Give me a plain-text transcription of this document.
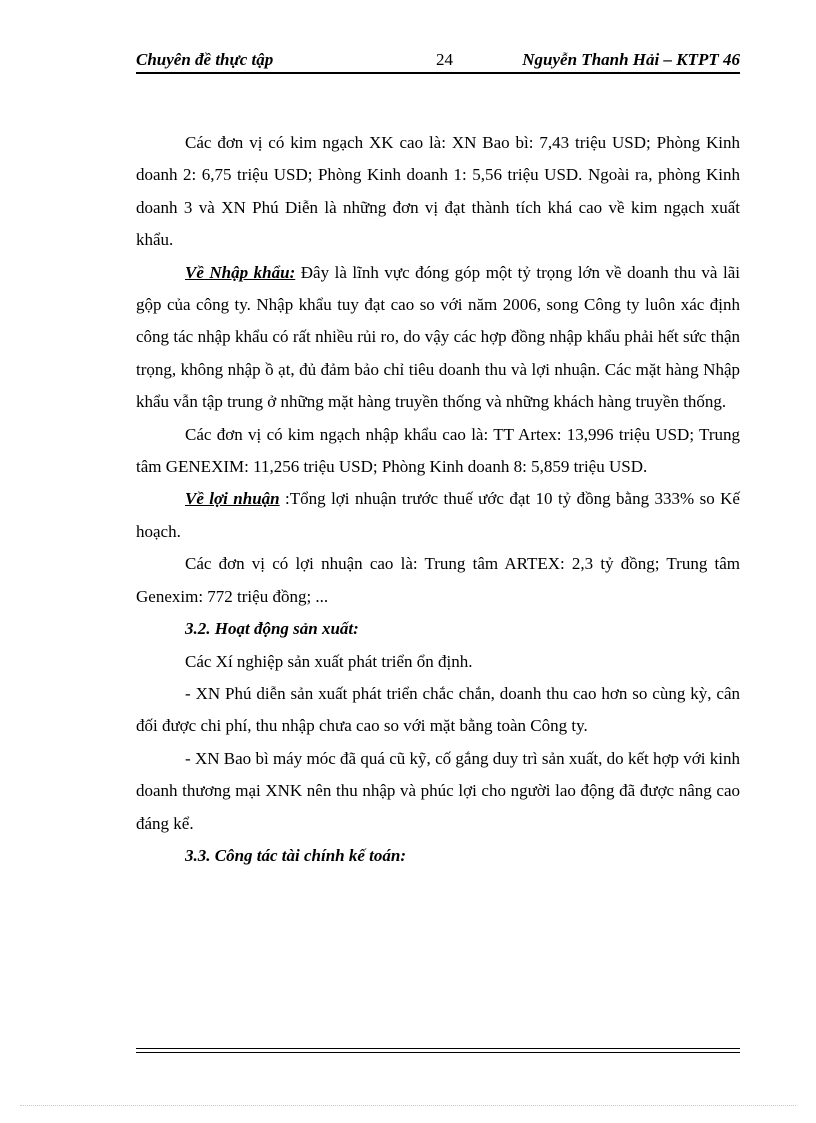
Chuyên đề thực tập	24	Nguyễn Thanh Hải – KTPT 46

Các đơn vị có kim ngạch XK cao là: XN Bao bì: 7,43 triệu USD; Phòng Kinh doanh 2: 6,75 triệu USD; Phòng Kinh doanh 1: 5,56 triệu USD. Ngoài ra, phòng Kinh doanh 3 và XN Phú Diễn là những đơn vị đạt thành tích khá cao về kim ngạch xuất khẩu.

Về Nhập khẩu: Đây là lĩnh vực đóng góp một tỷ trọng lớn về doanh thu và lãi gộp của công ty. Nhập khẩu tuy đạt cao so với năm 2006, song Công ty luôn xác định công tác nhập khẩu có rất nhiều rủi ro, do vậy các hợp đồng nhập khẩu phải hết sức thận trọng, không nhập ồ ạt, đủ đảm bảo chỉ tiêu doanh thu và lợi nhuận. Các mặt hàng Nhập khẩu vẫn tập trung ở những mặt hàng truyền thống và những khách hàng truyền thống.

Các đơn vị có kim ngạch nhập khẩu cao là: TT Artex: 13,996 triệu USD; Trung tâm GENEXIM: 11,256 triệu USD; Phòng Kinh doanh 8: 5,859 triệu USD.

Về lợi nhuận :Tổng lợi nhuận trước thuế ước đạt 10 tỷ đồng bằng 333% so Kế hoạch.

Các đơn vị có lợi nhuận cao là: Trung tâm ARTEX: 2,3 tỷ đồng; Trung tâm Genexim: 772 triệu đồng; ...

3.2. Hoạt động sản xuất:

Các Xí nghiệp sản xuất phát triển ổn định.

- XN Phú diễn sản xuất phát triển chắc chắn, doanh thu cao hơn so cùng kỳ, cân đối được chi phí, thu nhập chưa cao so với mặt bằng toàn Công ty.

- XN Bao bì máy móc đã quá cũ kỹ, cố gắng duy trì sản xuất, do kết hợp với kinh doanh thương mại XNK nên thu nhập và phúc lợi cho người lao động đã được nâng cao đáng kể.

3.3. Công tác tài chính kế toán:
